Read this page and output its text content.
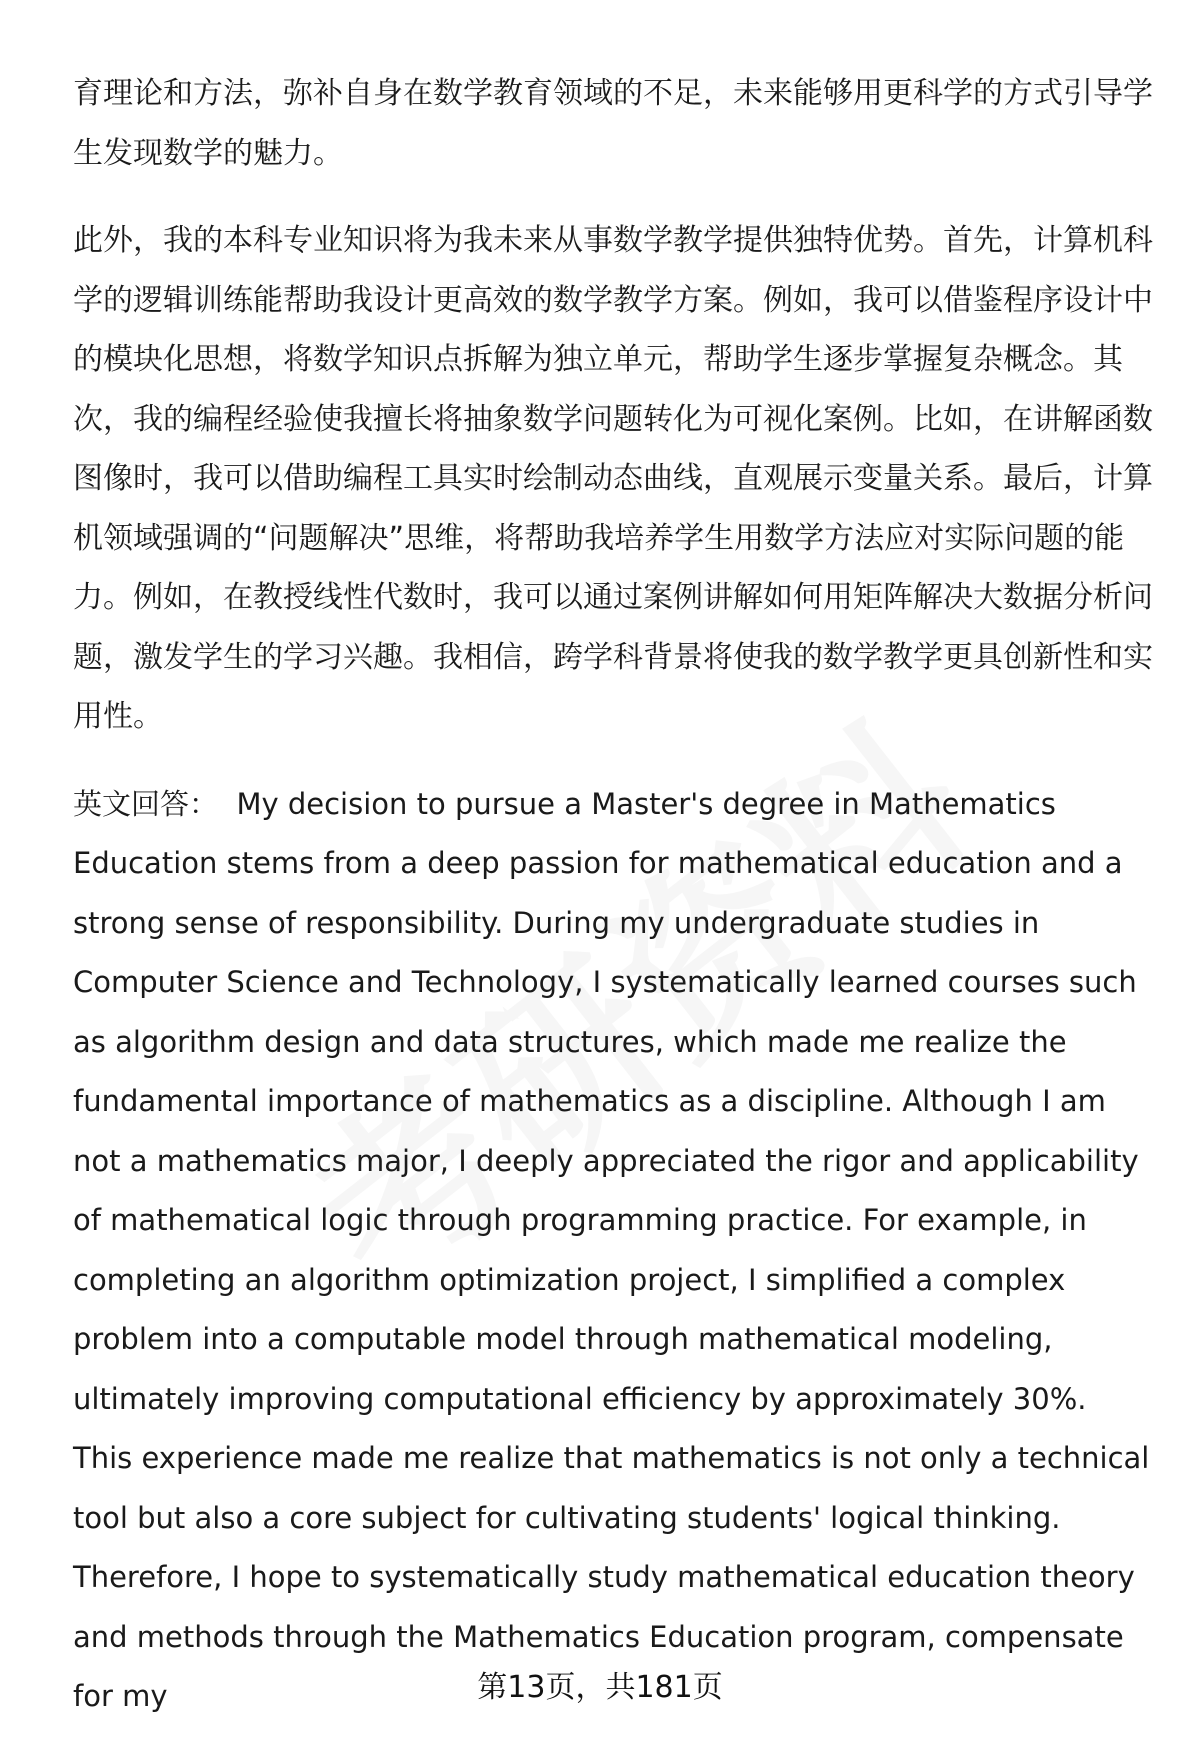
育理论和方法，弥补自身在数学教育领域的不足，未来能够用更科学的方式引导学生发现数学的魅力。

此外，我的本科专业知识将为我未来从事数学教学提供独特优势。首先，计算机科学的逻辑训练能帮助我设计更高效的数学教学方案。例如，我可以借鉴程序设计中的模块化思想，将数学知识点拆解为独立单元，帮助学生逐步掌握复杂概念。其次，我的编程经验使我擅长将抽象数学问题转化为可视化案例。比如，在讲解函数图像时，我可以借助编程工具实时绘制动态曲线，直观展示变量关系。最后，计算机领域强调的“问题解决”思维，将帮助我培养学生用数学方法应对实际问题的能力。例如，在教授线性代数时，我可以通过案例讲解如何用矩阵解决大数据分析问题，激发学生的学习兴趣。我相信，跨学科背景将使我的数学教学更具创新性和实用性。

英文回答： My decision to pursue a Master's degree in Mathematics Education stems from a deep passion for mathematical education and a strong sense of responsibility. During my undergraduate studies in Computer Science and Technology, I systematically learned courses such as algorithm design and data structures, which made me realize the fundamental importance of mathematics as a discipline. Although I am not a mathematics major, I deeply appreciated the rigor and applicability of mathematical logic through programming practice. For example, in completing an algorithm optimization project, I simplified a complex problem into a computable model through mathematical modeling, ultimately improving computational efficiency by approximately 30%. This experience made me realize that mathematics is not only a technical tool but also a core subject for cultivating students' logical thinking. Therefore, I hope to systematically study mathematical education theory and methods through the Mathematics Education program, compensate for my	第13页，共181页
